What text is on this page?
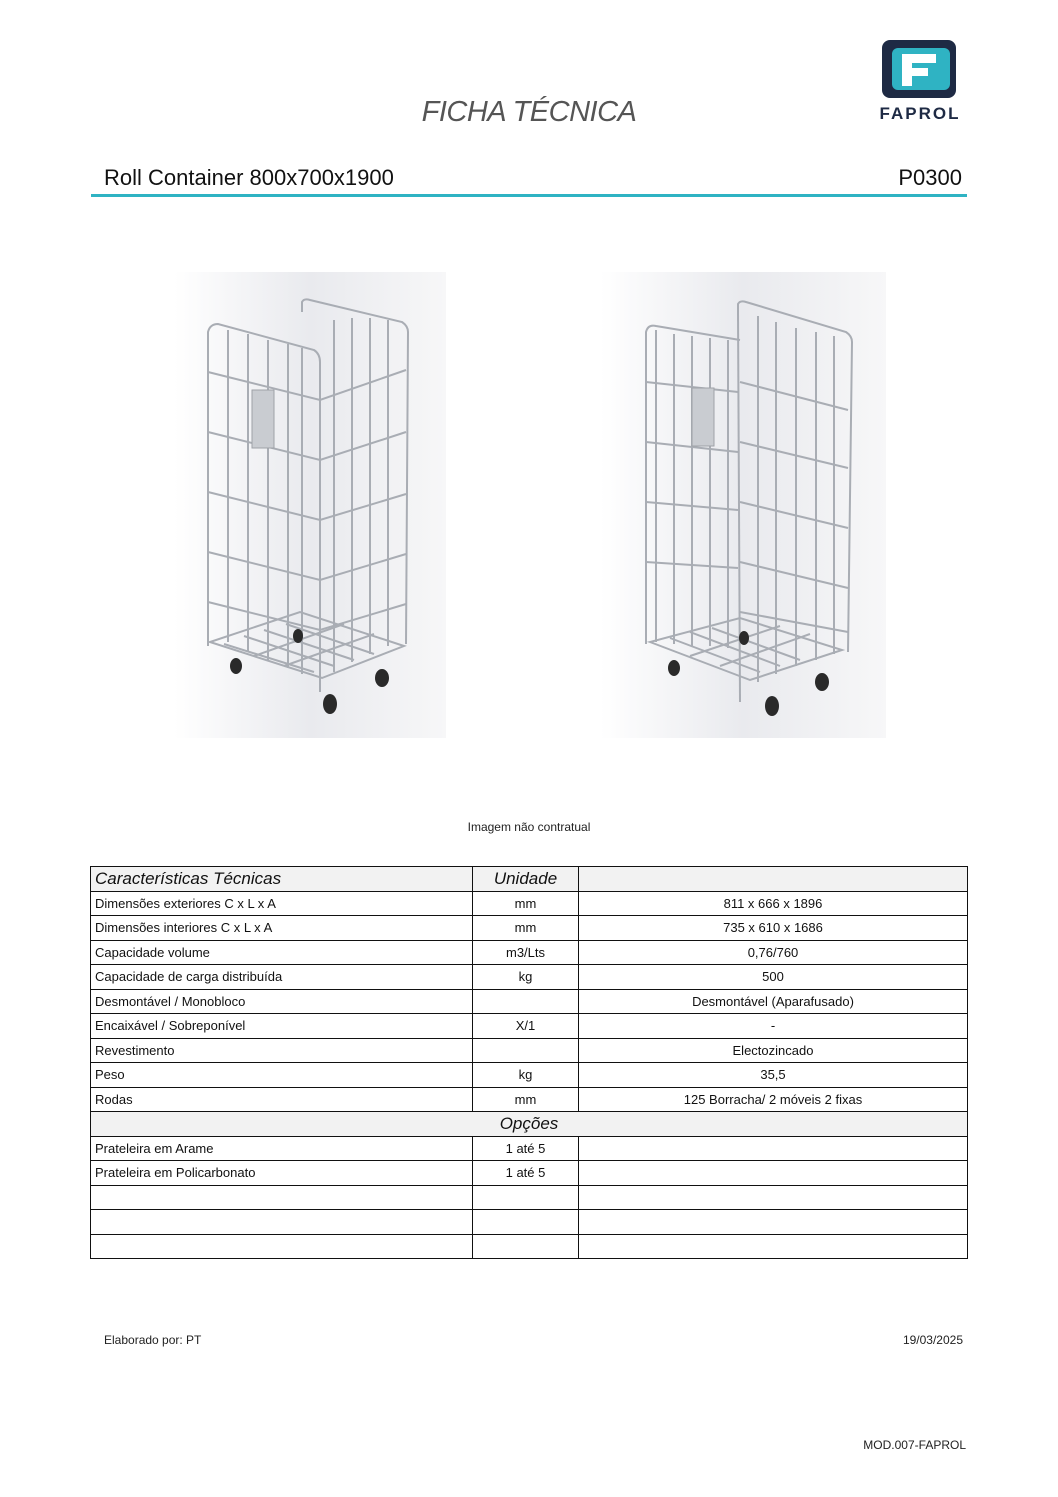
FICHA TÉCNICA	FAPROL
Roll Container 800x700x1900	P0300
Imagem não contratual
Características Técnicas	Unidade	
Dimensões exteriores C x L x A	mm	811 x 666 x 1896
Dimensões interiores C x L x A	mm	735 x 610 x 1686
Capacidade volume	m3/Lts	0,76/760
Capacidade de carga distribuída	kg	500
Desmontável / Monobloco		Desmontável (Aparafusado)
Encaixável / Sobreponível	X/1	-
Revestimento		Electozincado
Peso	kg	35,5
Rodas	mm	125 Borracha/ 2 móveis 2 fixas
Opções		
Prateleira em Arame	1 até 5	
Prateleira em Policarbonato	1 até 5	

Elaborado por: PT	19/03/2025
MOD.007-FAPROL
